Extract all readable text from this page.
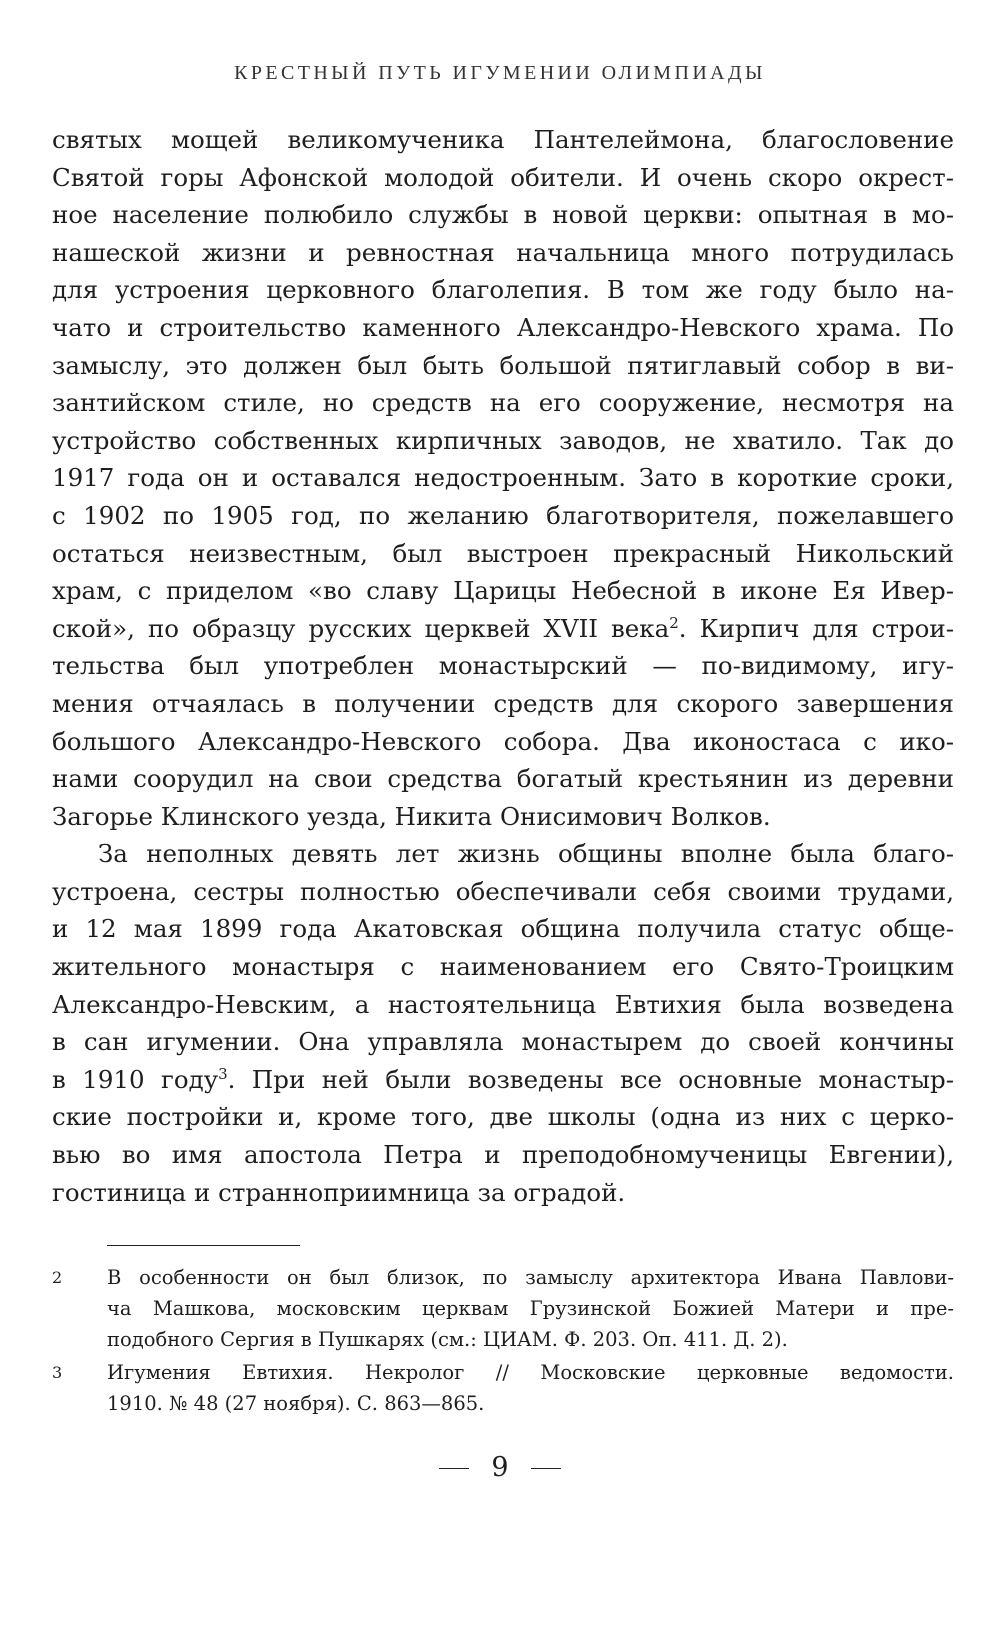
КРЕСТНЫЙ ПУТЬ ИГУМЕНИИ ОЛИМПИАДЫ
святых мощей великомученика Пантелеймона, благословение
Святой горы Афонской молодой обители. И очень скоро окрест-
ное население полюбило службы в новой церкви: опытная в мо-
нашеской жизни и ревностная начальница много потрудилась
для устроения церковного благолепия. В том же году было на-
чато и строительство каменного Александро-Невского храма. По
замыслу, это должен был быть большой пятиглавый собор в ви-
зантийском стиле, но средств на его сооружение, несмотря на
устройство собственных кирпичных заводов, не хватило. Так до
1917 года он и оставался недостроенным. Зато в короткие сроки,
с 1902 по 1905 год, по желанию благотворителя, пожелавшего
остаться неизвестным, был выстроен прекрасный Никольский
храм, с приделом «во славу Царицы Небесной в иконе Ея Ивер-
ской», по образцу русских церквей XVII века$^2$. Кирпич для строи-
тельства был употреблен монастырский — по-видимому, игу-
мения отчаялась в получении средств для скорого завершения
большого Александро-Невского собора. Два иконостаса с ико-
нами соорудил на свои средства богатый крестьянин из деревни
Загорье Клинского уезда, Никита Онисимович Волков.
За неполных девять лет жизнь общины вполне была благо-
устроена, сестры полностью обеспечивали себя своими трудами,
и 12 мая 1899 года Акатовская община получила статус обще-
жительного монастыря с наименованием его Свято-Троицким
Александро-Невским, а настоятельница Евтихия была возведена
в сан игумении. Она управляла монастырем до своей кончины
в 1910 году$^3$. При ней были возведены все основные монастыр-
ские постройки и, кроме того, две школы (одна из них с церко-
вью во имя апостола Петра и преподобномученицы Евгении),
гостиница и странноприимница за оградой.
2 В особенности он был близок, по замыслу архитектора Ивана Павлови-
ча Машкова, московским церквам Грузинской Божией Матери и пре-
подобного Сергия в Пушкарях (см.: ЦИАМ. Ф. 203. Оп. 411. Д. 2).
3 Игумения Евтихия. Некролог // Московские церковные ведомости.
1910. № 48 (27 ноября). С. 863—865.
9
